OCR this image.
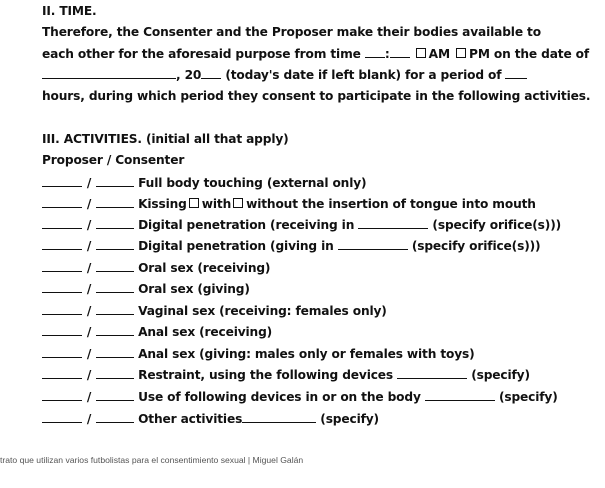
II. TIME.
Therefore, the Consenter and the Proposer make their bodies available to
each other for the aforesaid purpose from time :	AM PM on the date of
, 20 (today's date if left blank) for a period of
hours, during which period they consent to participate in the following activities.
III. ACTIVITIES. (initial all that apply)
Proposer / Consenter
/	Full body touching (external only)
/	Kissing with without the insertion of tongue into mouth
/	Digital penetration (receiving in	(specify orifice(s)))
/	Digital penetration (giving in	(specify orifice(s)))
/	Oral sex (receiving)
/	Oral sex (giving)
/	Vaginal sex (receiving: females only)
/	Anal sex (receiving)
/	Anal sex (giving: males only or females with toys)
/	Restraint, using the following devices	(specify)
/	Use of following devices in or on the body	(specify)
/	Other activities	(specify)
trato que utilizan varios futbolistas para el consentimiento sexual | Miguel Galán
